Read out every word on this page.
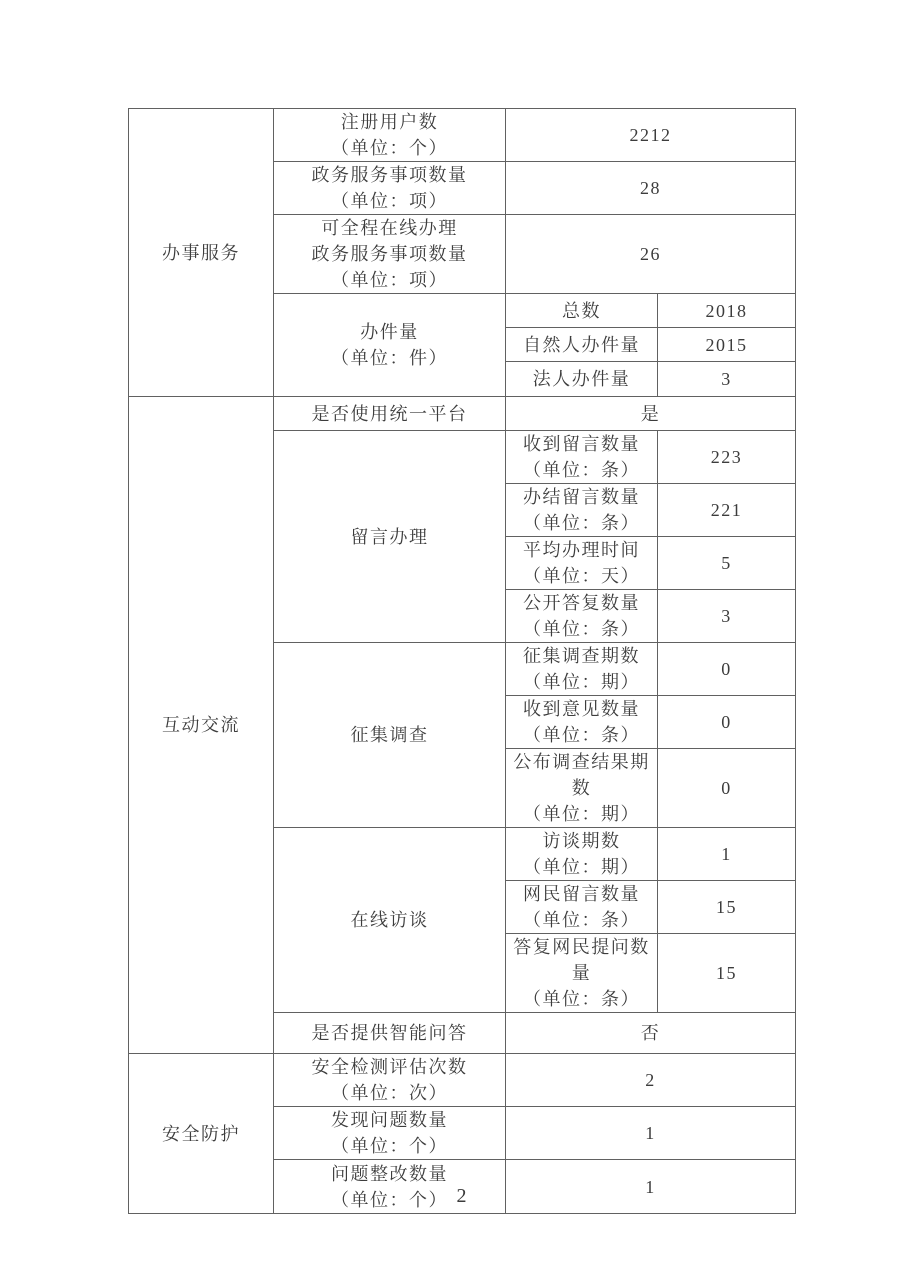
办事服务	注册用户数
（单位：个）	2212	

	政务服务事项数量
（单位：项）	28	

	可全程在线办理
政务服务事项数量
（单位：项）	26	

	办件量
（单位：件）	总数	2018
		自然人办件量	2015
		法人办件量	3
互动交流	是否使用统一平台	是	

	留言办理	收到留言数量
（单位：条）	223

		办结留言数量
（单位：条）	221

		平均办理时间
（单位：天）	5

		公开答复数量
（单位：条）	3

	征集调查	征集调查期数
（单位：期）	0

		收到意见数量
（单位：条）	0

		公布调查结果期数
（单位：期）	0

	在线访谈	访谈期数
（单位：期）	1

		网民留言数量
（单位：条）	15

		答复网民提问数量
（单位：条）	15

	是否提供智能问答	否	
安全防护	安全检测评估次数
（单位：次）	2	

	发现问题数量
（单位：个）	1	

	问题整改数量
（单位：个）	1	
2
